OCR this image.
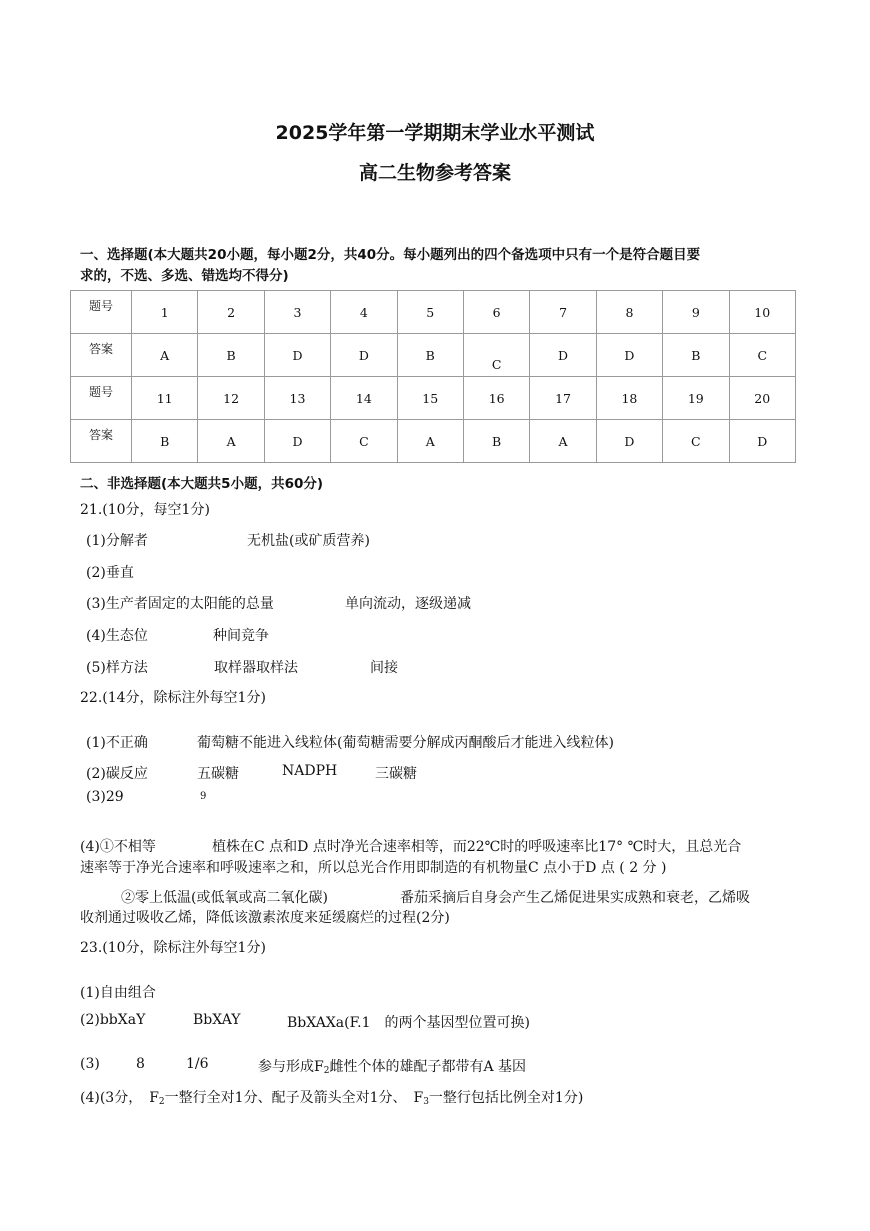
2025学年第一学期期末学业水平测试
高二生物参考答案
一、选择题(本大题共20小题，每小题2分，共40分。每小题列出的四个备选项中只有一个是符合题目要
求的，不选、多选、错选均不得分)
题号	1	2	3	4	5	6	7	8	9	10
答案	A	B	D	D	B	C	D	D	B	C
题号	11	12	13	14	15	16	17	18	19	20
答案	B	A	D	C	A	B	A	D	C	D
二、非选择题(本大题共5小题，共60分)
21.(10分，每空1分)
(1)分解者	无机盐(或矿质营养)
(2)垂直
(3)生产者固定的太阳能的总量	单向流动，逐级递减
(4)生态位	种间竞争
(5)样方法	取样器取样法	间接
22.(14分，除标注外每空1分)
(1)不正确	葡萄糖不能进入线粒体(葡萄糖需要分解成丙酮酸后才能进入线粒体)
(2)碳反应	五碳糖	NADPH	三碳糖
(3)29	9
(4)①不相等	植株在C 点和D 点时净光合速率相等，而22℃时的呼吸速率比17° ℃时大，且总光合
速率等于净光合速率和呼吸速率之和，所以总光合作用即制造的有机物量C 点小于D 点 ( 2 分 )
②零上低温(或低氧或高二氧化碳)	番茄采摘后自身会产生乙烯促进果实成熟和衰老，乙烯吸
收剂通过吸收乙烯，降低该激素浓度来延缓腐烂的过程(2分)
23.(10分，除标注外每空1分)
(1)自由组合
(2)bbXaY	BbXAY	BbXAXa(F.1　的两个基因型位置可换)
(3)	8	1/6	参与形成$F_2$雌性个体的雄配子都带有A 基因
(4)(3分，　$F_2$一整行全对1分、配子及箭头全对1分、　$F_3$一整行包括比例全对1分)
